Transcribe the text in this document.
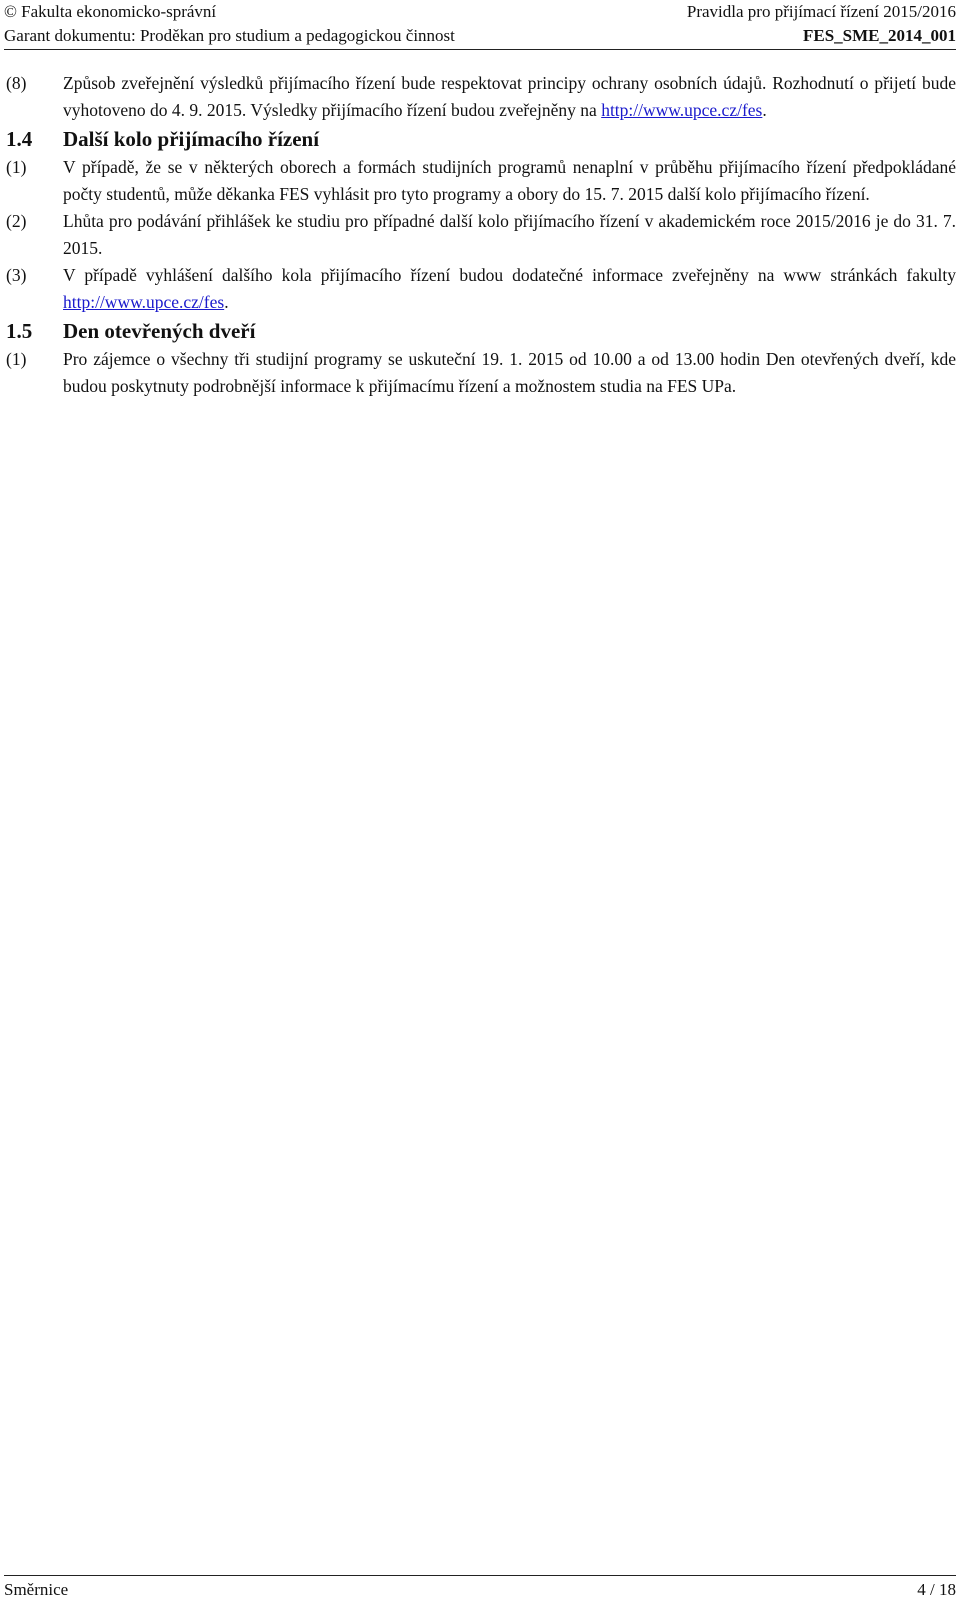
© Fakulta ekonomicko-správní	Pravidla pro přijímací řízení 2015/2016
Garant dokumentu: Proděkan pro studium a pedagogickou činnost	FES_SME_2014_001
(8)	Způsob zveřejnění výsledků přijímacího řízení bude respektovat principy ochrany osobních údajů. Rozhodnutí o přijetí bude vyhotoveno do 4. 9. 2015. Výsledky přijímacího řízení budou zveřejněny na http://www.upce.cz/fes.
1.4	Další kolo přijímacího řízení
(1)	V případě, že se v některých oborech a formách studijních programů nenaplní v průběhu přijímacího řízení předpokládané počty studentů, může děkanka FES vyhlásit pro tyto programy a obory do 15. 7. 2015 další kolo přijímacího řízení.
(2)	Lhůta pro podávání přihlášek ke studiu pro případné další kolo přijímacího řízení v akademickém roce 2015/2016 je do 31. 7. 2015.
(3)	V případě vyhlášení dalšího kola přijímacího řízení budou dodatečné informace zveřejněny na www stránkách fakulty http://www.upce.cz/fes.
1.5	Den otevřených dveří
(1)	Pro zájemce o všechny tři studijní programy se uskuteční 19. 1. 2015 od 10.00 a od 13.00 hodin Den otevřených dveří, kde budou poskytnuty podrobnější informace k přijímacímu řízení a možnostem studia na FES UPa.
Směrnice	4 / 18
